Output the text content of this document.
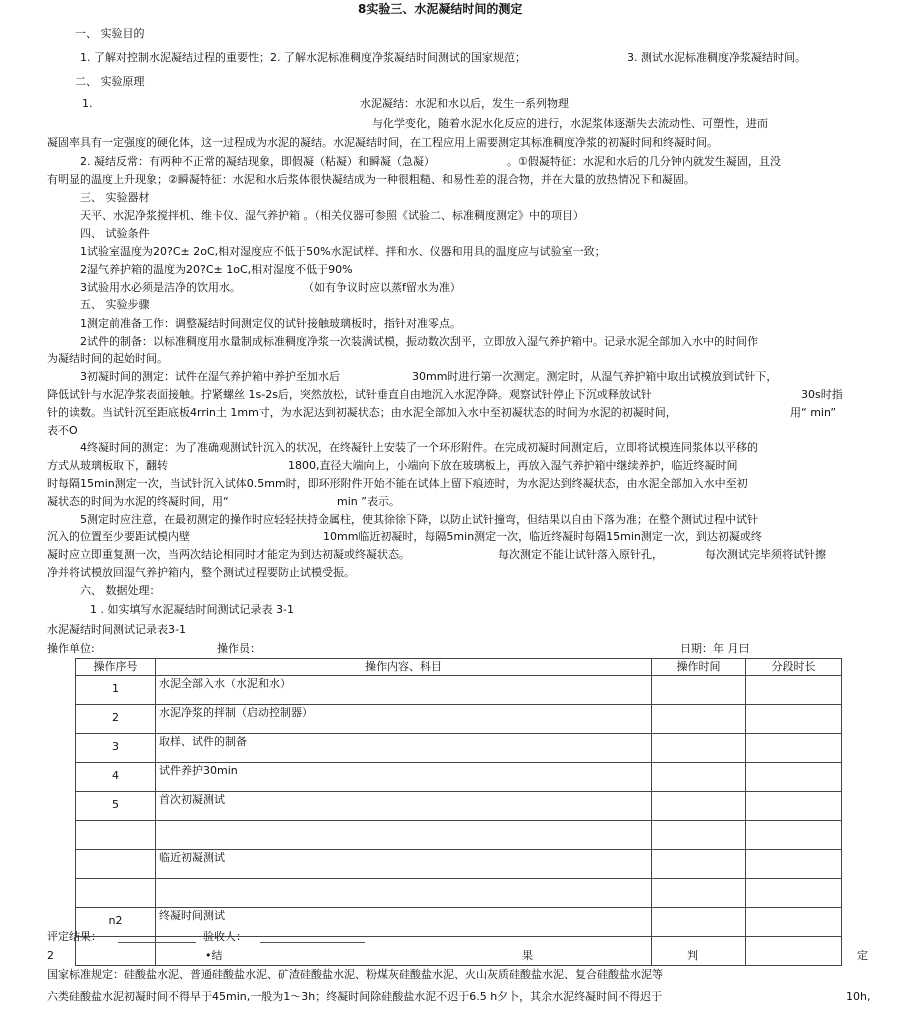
8实验三、水泥凝结时间的测定
一、 实验目的
1. 了解对控制水泥凝结过程的重要性；2. 了解水泥标准稠度净浆凝结时间测试的国家规范；	3. 测试水泥标准稠度净浆凝结时间。
二、 实验原理
1.	水泥凝结：水泥和水以后，发生一系列物理
与化学变化，随着水泥水化反应的进行，水泥浆体逐渐失去流动性、可塑性，进而
凝固率具有一定强度的硬化体，这一过程成为水泥的凝结。水泥凝结时间，在工程应用上需要测定其标准稠度净浆的初凝时间和终凝时间。
2. 凝结反常：有两种不正常的凝结现象，即假凝（粘凝）和瞬凝（急凝）	。①假凝特征：水泥和水后的几分钟内就发生凝固，且没
有明显的温度上升现象；②瞬凝特征：水泥和水后浆体很快凝结成为一种很粗糙、和易性差的混合物，并在大量的放热情况下和凝固。
三、 实验器材
天平、水泥净浆搅拌机、维卡仪、湿气养护箱 。（相关仪器可参照《试验二、标准稠度测定》中的项目）
四、 试验条件
1试验室温度为20?C± 2oC,相对湿度应不低于50%水泥试样、拌和水、仪器和用具的温度应与试验室一致；
2湿气养护箱的温度为20?C± 1oC,相对湿度不低于90%
3试验用水必须是洁净的饮用水。	（如有争议时应以蒸f留水为准）
五、 实验步骤
1测定前准备工作：调整凝结时间测定仪的试针接触玻璃板时，指针对准零点。
2试件的制备：以标准稠度用水量制成标准稠度净浆一次装满试模，振动数次刮平，立即放入湿气养护箱中。记录水泥全部加入水中的时间作
为凝结时间的起始时间。
3初凝时间的测定：试件在湿气养护箱中养护至加水后	30mm时进行第一次测定。测定时，从湿气养护箱中取出试模放到试针下，
降低试针与水泥净浆表面接触。拧紧螺丝 1s-2s后，突然放松，试针垂直自由地沉入水泥净降。观察试针停止下沉或释放试针	30s时指
针的读数。当试针沉至距底板4rrin土 1mm寸，为水泥达到初凝状态；由水泥全部加入水中至初凝状态的时间为水泥的初凝时间，	用“ min”
表不O
4终凝时间的测定：为了准确观测试针沉入的状况，在终凝针上安装了一个环形附件。在完成初凝时间测定后，立即将试模连同浆体以平移的
方式从玻璃板取下，翻转	1800,直径大端向上，小端向下放在玻璃板上，再放入湿气养护箱中继续养护，临近终凝时间
时每隔15min测定一次，当试针沉入试体0.5mm时，即环形附件开始不能在试体上留下痕迹时，为水泥达到终凝状态，由水泥全部加入水中至初
凝状态的时间为水泥的终凝时间，用“	min ”表示。
5测定时应注意，在最初测定的操作时应轻轻扶持金属柱，使其徐徐下降，以防止试针撞弯，但结果以自由下落为准；在整个测试过程中试针
沉入的位置至少要距试模内壁	10mm临近初凝时，每隔5min测定一次，临近终凝时每隔15min测定一次，到达初凝或终
凝时应立即重复测一次，当两次结论相同时才能定为到达初凝或终凝状态。	每次测定不能让试针落入原针孔，	每次测试完毕须将试针擦
净并将试模放回湿气养护箱内，整个测试过程要防止试模受振。
六、 数据处理：
1 . 如实填写水泥凝结时间测试记录表 3-1
水泥凝结时间测试记录表3-1
操作单位:	操作员：	日期：年 月曰
操作序号	操作内容、科目	操作时间	分段时长
1	水泥全部入水（水泥和水）		
2	水泥净浆的拌制（启动控制器）		
3	取样、试件的制备		
4	试件养护30min		
5	首次初凝测试		

	临近初凝测试		

n2	终凝时间测试		

评定结果：	验收人：
2	•结	果	判	定
国家标准规定：硅酸盐水泥、普通硅酸盐水泥、矿渣硅酸盐水泥、粉煤灰硅酸盐水泥、火山灰质硅酸盐水泥、复合硅酸盐水泥等
六类硅酸盐水泥初凝时间不得早于45min,一般为1～3h；终凝时间除硅酸盐水泥不迟于6.5 h夕卜，其余水泥终凝时间不得迟于	10h,
